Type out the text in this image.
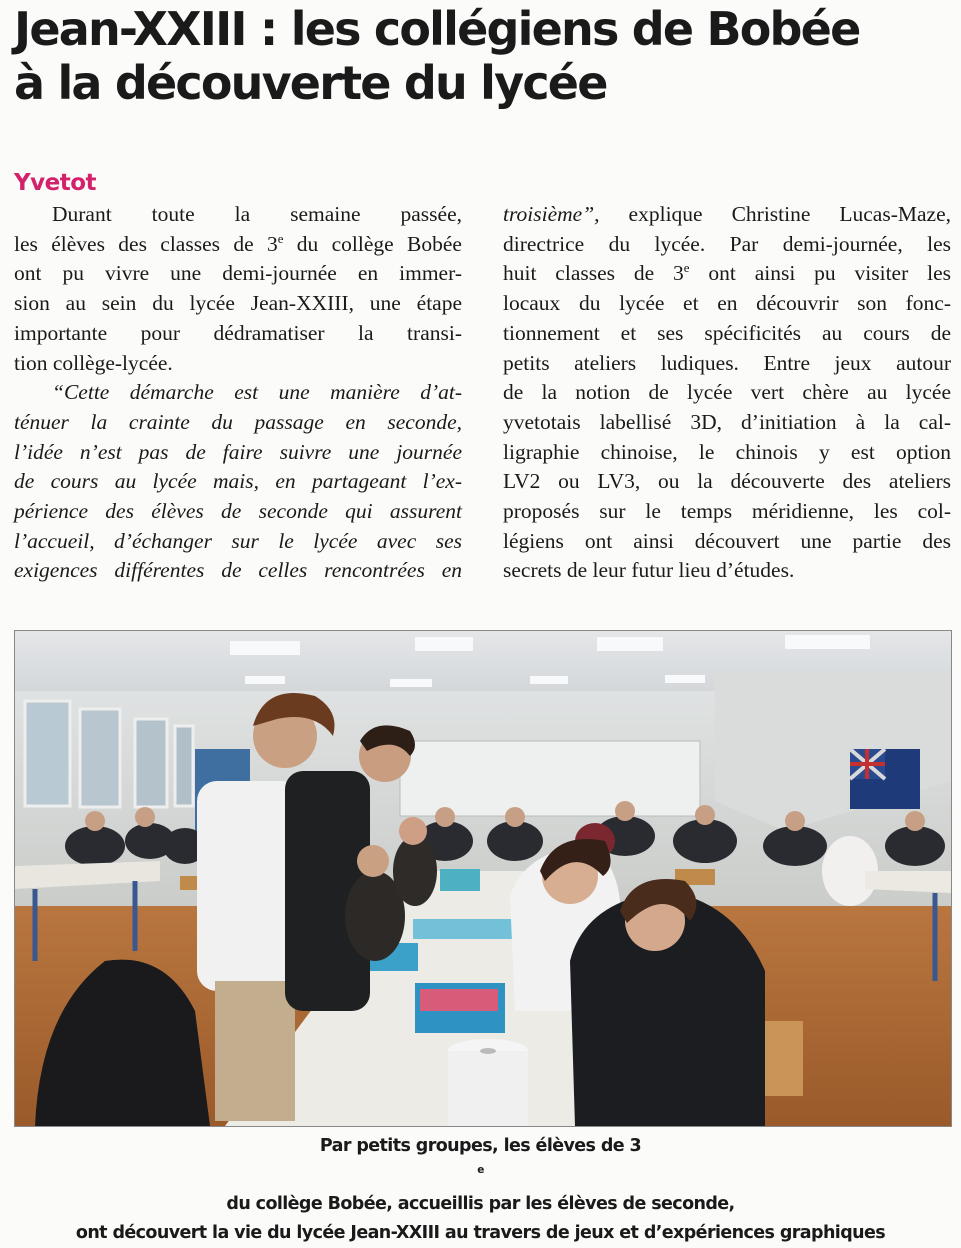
Jean-XXIII : les collégiens de Bobée
à la découverte du lycée
Yvetot
Durant toute la semaine passée,
les élèves des classes de 3e du collège Bobée
ont pu vivre une demi-journée en immer-
sion au sein du lycée Jean-XXIII, une étape
importante pour dédramatiser la transi-
tion collège-lycée.
“Cette démarche est une manière d’at-
ténuer la crainte du passage en seconde,
l’idée n’est pas de faire suivre une journée
de cours au lycée mais, en partageant l’ex-
périence des élèves de seconde qui assurent
l’accueil, d’échanger sur le lycée avec ses
exigences différentes de celles rencontrées en
troisième”, explique Christine Lucas-Maze,
directrice du lycée. Par demi-journée, les
huit classes de 3e ont ainsi pu visiter les
locaux du lycée et en découvrir son fonc-
tionnement et ses spécificités au cours de
petits ateliers ludiques. Entre jeux autour
de la notion de lycée vert chère au lycée
yvetotais labellisé 3D, d’initiation à la cal-
ligraphie chinoise, le chinois y est option
LV2 ou LV3, ou la découverte des ateliers
proposés sur le temps méridienne, les col-
légiens ont ainsi découvert une partie des
secrets de leur futur lieu d’études.
Par petits groupes, les élèves de 3
$^e$
du collège Bobée, accueillis par les élèves de seconde,
ont découvert la vie du lycée Jean-XXIII au travers de jeux et d’expériences graphiques
